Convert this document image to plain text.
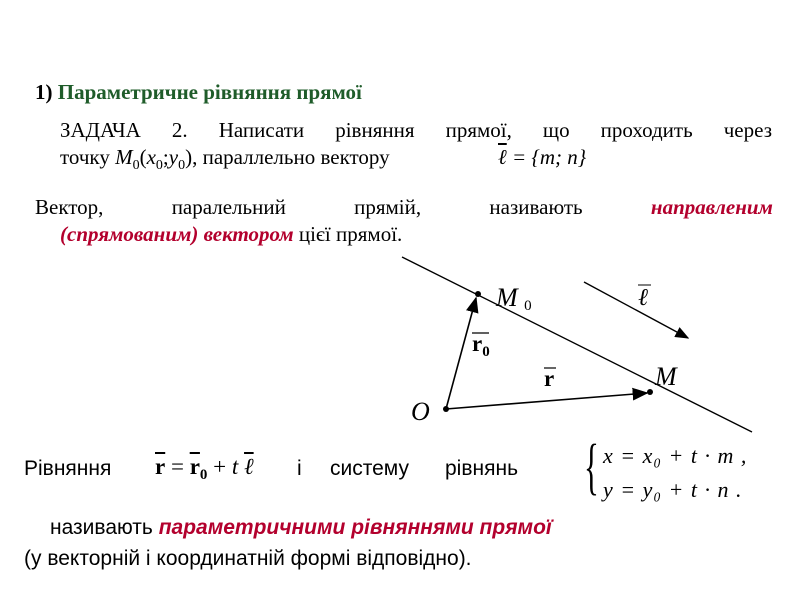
1) Параметричне рівняння прямої
ЗАДАЧА 2. Написати рівняння прямої, що проходить через
точку $M_0(x_0;y_0)$, параллельно вектору	ℓ = {m; n}
Вектор,	паралельний	прямій,	називають	направленим
(спрямованим) вектором цієї прямої.
M 0	ℓ
$r_0$
r	M
O
Рівняння $\overline{r} = \overline{r}_0 + t$ ℓ і систему рівнянь { x = x₀ + t · m ,
y = y₀ + t · n .
називають параметричними рівняннями прямої
(у векторній і координатній формі відповідно).
